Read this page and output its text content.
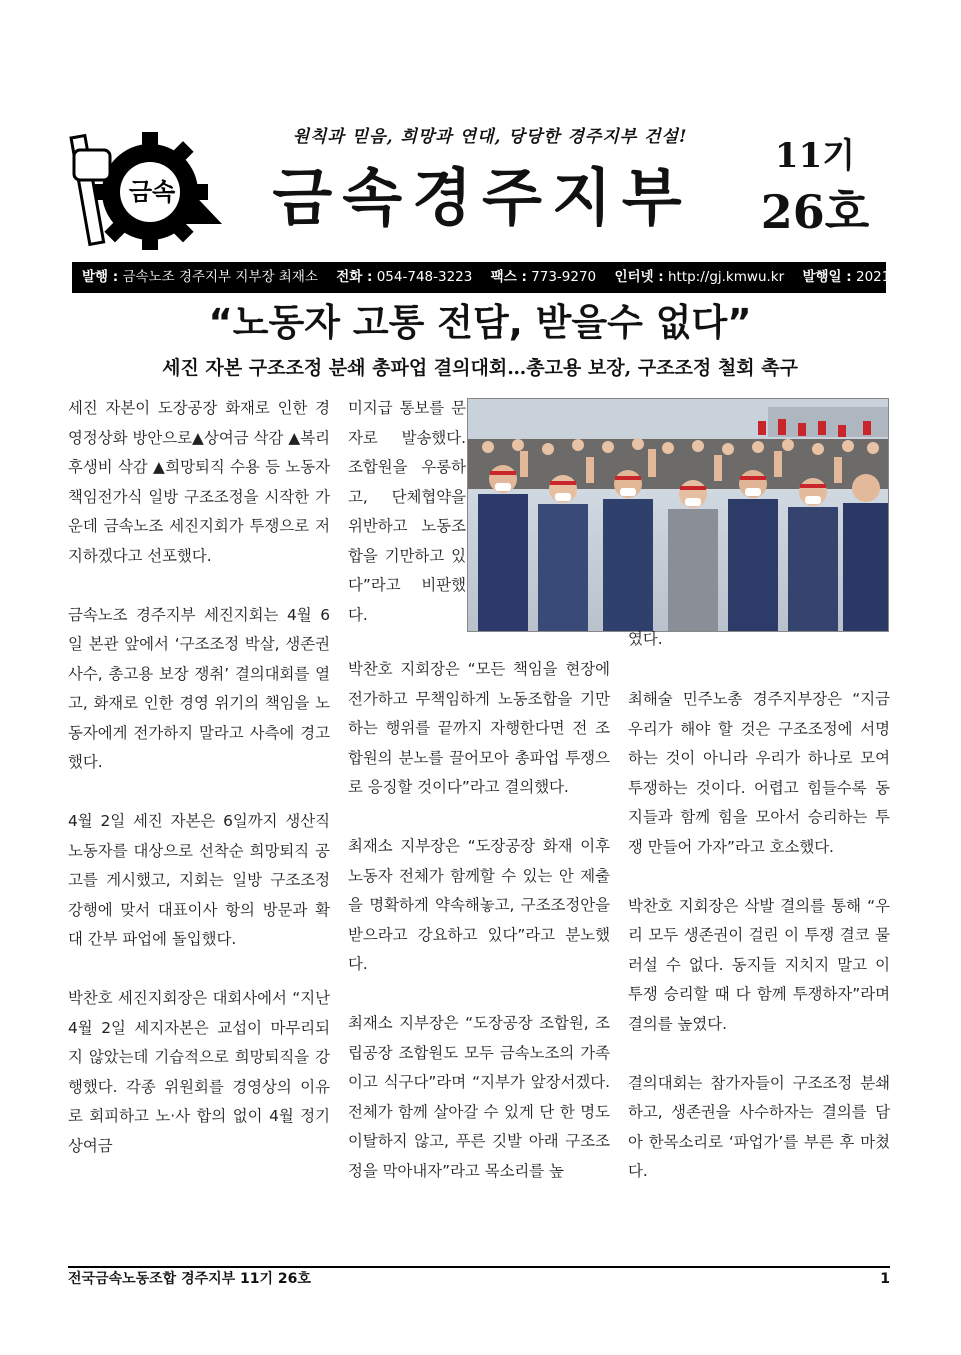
금속
원칙과 믿음, 희망과 연대, 당당한 경주지부 건설!
금속경주지부
11기
26호
발행 : 금속노조 경주지부 지부장 최재소 전화 : 054-748-3223 팩스 : 773-9270 인터넷 : http://gj.kmwu.kr 발행일 : 2021.04.07.(수)
“노동자 고통 전담, 받을수 없다”
세진 자본 구조조정 분쇄 총파업 결의대회…총고용 보장, 구조조정 철회 촉구

세진 자본이 도장공장 화재로 인한 경영정상화 방안으로▲상여금 삭감 ▲복리후생비 삭감 ▲희망퇴직 수용 등 노동자 책임전가식 일방 구조조정을 시작한 가운데 금속노조 세진지회가 투쟁으로 저지하겠다고 선포했다.

금속노조 경주지부 세진지회는 4월 6일 본관 앞에서 ‘구조조정 박살, 생존권 사수, 총고용 보장 쟁취’ 결의대회를 열고, 화재로 인한 경영 위기의 책임을 노동자에게 전가하지 말라고 사측에 경고했다.

4월 2일 세진 자본은 6일까지 생산직 노동자를 대상으로 선착순 희망퇴직 공고를 게시했고, 지회는 일방 구조조정 강행에 맞서 대표이사 항의 방문과 확대 간부 파업에 돌입했다.

박찬호 세진지회장은 대회사에서 “지난 4월 2일 세지자본은 교섭이 마무리되지 않았는데 기습적으로 희망퇴직을 강행했다. 각종 위원회를 경영상의 이유로 회피하고 노·사 합의 없이 4월 정기 상여금

미지급 통보를 문자로 발송했다. 조합원을 우롱하고, 단체협약을 위반하고 노동조합을 기만하고 있다”라고 비판했다.

박찬호 지회장은 “모든 책임을 현장에 전가하고 무책임하게 노동조합을 기만하는 행위를 끝까지 자행한다면 전 조합원의 분노를 끌어모아 총파업 투쟁으로 응징할 것이다”라고 결의했다.

최재소 지부장은 “도장공장 화재 이후 노동자 전체가 함께할 수 있는 안 제출을 명확하게 약속해놓고, 구조조정안을 받으라고 강요하고 있다”라고 분노했다.

최재소 지부장은 “도장공장 조합원, 조립공장 조합원도 모두 금속노조의 가족이고 식구다”라며 “지부가 앞장서겠다. 전체가 함께 살아갈 수 있게 단 한 명도 이탈하지 않고, 푸른 깃발 아래 구조조정을 막아내자”라고 목소리를 높

였다.

최해술 민주노총 경주지부장은 “지금 우리가 해야 할 것은 구조조정에 서명하는 것이 아니라 우리가 하나로 모여 투쟁하는 것이다. 어렵고 힘들수록 동지들과 함께 힘을 모아서 승리하는 투쟁 만들어 가자”라고 호소했다.

박찬호 지회장은 삭발 결의를 통해 “우리 모두 생존권이 걸린 이 투쟁 결코 물러설 수 없다. 동지들 지치지 말고 이 투쟁 승리할 때 다 함께 투쟁하자”라며 결의를 높였다.

결의대회는 참가자들이 구조조정 분쇄하고, 생존권을 사수하자는 결의를 담아 한목소리로 ‘파업가’를 부른 후 마쳤다.

전국금속노동조합 경주지부 11기 26호	1
